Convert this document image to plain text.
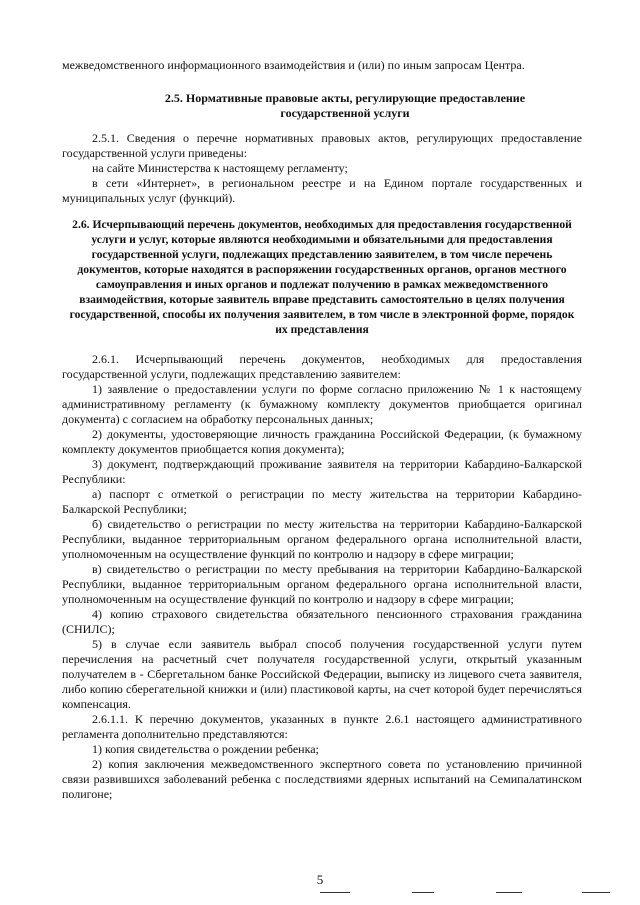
межведомственного информационного взаимодействия и (или) по иным запросам Центра.

2.5. Нормативные правовые акты, регулирующие предоставление государственной услуги

2.5.1. Сведения о перечне нормативных правовых актов, регулирующих предоставление государственной услуги приведены:

на сайте Министерства к настоящему регламенту;

в сети «Интернет», в региональном реестре и на Едином портале государственных и муниципальных услуг (функций).

2.6. Исчерпывающий перечень документов, необходимых для предоставления государственной услуги и услуг, которые являются необходимыми и обязательными для предоставления государственной услуги, подлежащих представлению заявителем, в том числе перечень документов, которые находятся в распоряжении государственных органов, органов местного самоуправления и иных органов и подлежат получению в рамках межведомственного взаимодействия, которые заявитель вправе представить самостоятельно в целях получения государственной, способы их получения заявителем, в том числе в электронной форме, порядок их представления

2.6.1. Исчерпывающий перечень документов, необходимых для предоставления государственной услуги, подлежащих представлению заявителем:

1) заявление о предоставлении услуги по форме согласно приложению № 1 к настоящему административному регламенту (к бумажному комплекту документов приобщается оригинал документа) с согласием на обработку персональных данных;

2) документы, удостоверяющие личность гражданина Российской Федерации, (к бумажному комплекту документов приобщается копия документа);

3) документ, подтверждающий проживание заявителя на территории Кабардино-Балкарской Республики:

а) паспорт с отметкой о регистрации по месту жительства на территории Кабардино-Балкарской Республики;

б) свидетельство о регистрации по месту жительства на территории Кабардино-Балкарской Республики, выданное территориальным органом федерального органа исполнительной власти, уполномоченным на осуществление функций по контролю и надзору в сфере миграции;

в) свидетельство о регистрации по месту пребывания на территории Кабардино-Балкарской Республики, выданное территориальным органом федерального органа исполнительной власти, уполномоченным на осуществление функций по контролю и надзору в сфере миграции;

4) копию страхового свидетельства обязательного пенсионного страхования гражданина (СНИЛС);

5) в случае если заявитель выбрал способ получения государственной услуги путем перечисления на расчетный счет получателя государственной услуги, открытый указанным получателем в - Сбергетальном банке Российской Федерации, выписку из лицевого счета заявителя, либо копию сберегательной книжки и (или) пластиковой карты, на счет которой будет перечисляться компенсация.

2.6.1.1. К перечню документов, указанных в пункте 2.6.1 настоящего административного регламента дополнительно представляются:

1) копия свидетельства о рождении ребенка;

2) копия заключения межведомственного экспертного совета по установлению причинной связи развившихся заболеваний ребенка с последствиями ядерных испытаний на Семипалатинском полигоне;

5
